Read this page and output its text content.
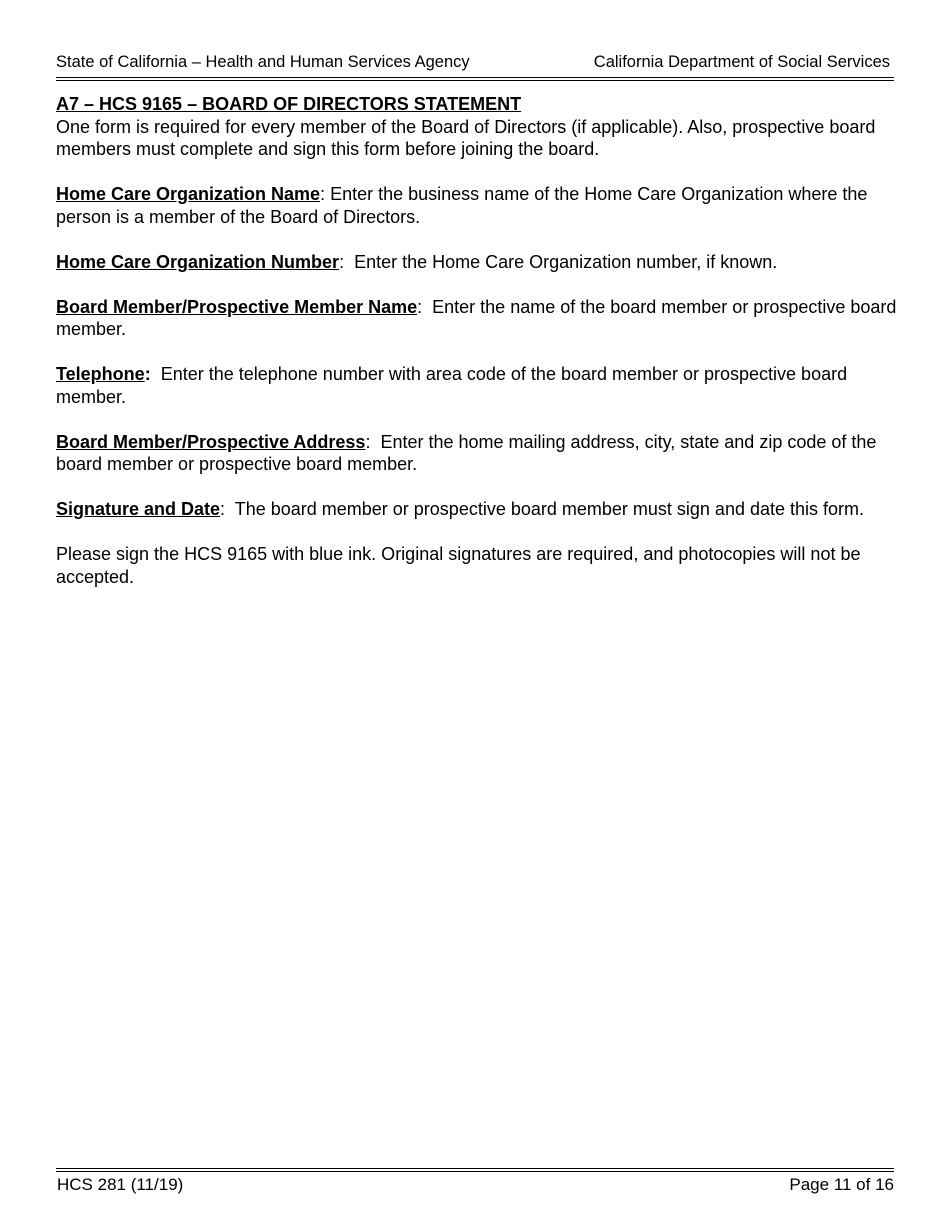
State of California – Health and Human Services Agency	California Department of Social Services

A7 – HCS 9165 – BOARD OF DIRECTORS STATEMENT
One form is required for every member of the Board of Directors (if applicable). Also, prospective board members must complete and sign this form before joining the board.

Home Care Organization Name: Enter the business name of the Home Care Organization where the person is a member of the Board of Directors.

Home Care Organization Number:  Enter the Home Care Organization number, if known.

Board Member/Prospective Member Name:  Enter the name of the board member or prospective board member.

Telephone:  Enter the telephone number with area code of the board member or prospective board member.

Board Member/Prospective Address:  Enter the home mailing address, city, state and zip code of the board member or prospective board member.

Signature and Date:  The board member or prospective board member must sign and date this form.

Please sign the HCS 9165 with blue ink. Original signatures are required, and photocopies will not be accepted.

HCS 281 (11/19)	Page 11 of 16
